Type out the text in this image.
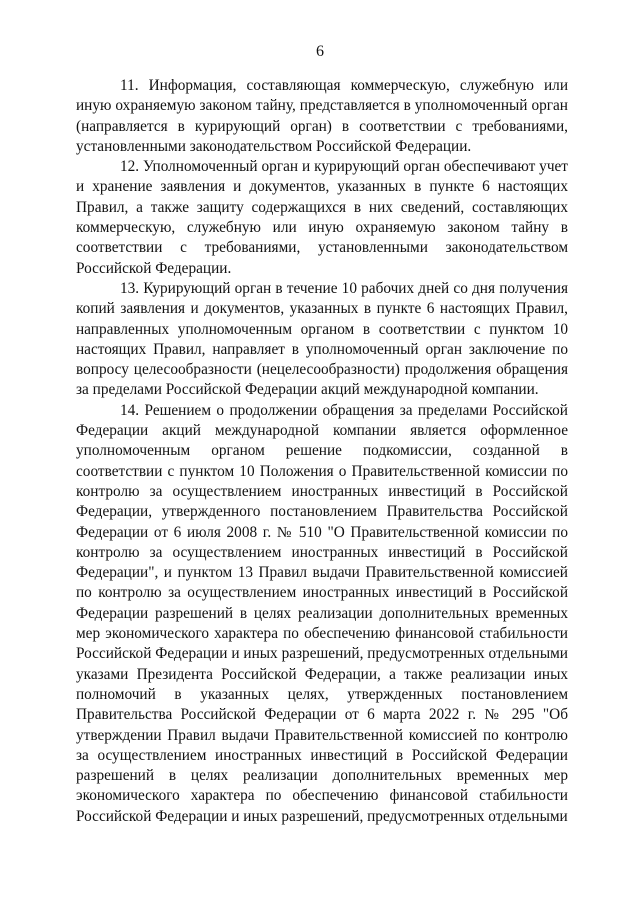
6

11. Информация, составляющая коммерческую, служебную или иную охраняемую законом тайну, представляется в уполномоченный орган (направляется в курирующий орган) в соответствии с требованиями, установленными законодательством Российской Федерации.

12. Уполномоченный орган и курирующий орган обеспечивают учет и хранение заявления и документов, указанных в пункте 6 настоящих Правил, а также защиту содержащихся в них сведений, составляющих коммерческую, служебную или иную охраняемую законом тайну в соответствии с требованиями, установленными законодательством Российской Федерации.

13. Курирующий орган в течение 10 рабочих дней со дня получения копий заявления и документов, указанных в пункте 6 настоящих Правил, направленных уполномоченным органом в соответствии с пунктом 10 настоящих Правил, направляет в уполномоченный орган заключение по вопросу целесообразности (нецелесообразности) продолжения обращения за пределами Российской Федерации акций международной компании.

14. Решением о продолжении обращения за пределами Российской Федерации акций международной компании является оформленное уполномоченным органом решение подкомиссии, созданной в соответствии с пунктом 10 Положения о Правительственной комиссии по контролю за осуществлением иностранных инвестиций в Российской Федерации, утвержденного постановлением Правительства Российской Федерации от 6 июля 2008 г. № 510 "О Правительственной комиссии по контролю за осуществлением иностранных инвестиций в Российской Федерации", и пунктом 13 Правил выдачи Правительственной комиссией по контролю за осуществлением иностранных инвестиций в Российской Федерации разрешений в целях реализации дополнительных временных мер экономического характера по обеспечению финансовой стабильности Российской Федерации и иных разрешений, предусмотренных отдельными указами Президента Российской Федерации, а также реализации иных полномочий в указанных целях, утвержденных постановлением Правительства Российской Федерации от 6 марта 2022 г. № 295 "Об утверждении Правил выдачи Правительственной комиссией по контролю за осуществлением иностранных инвестиций в Российской Федерации разрешений в целях реализации дополнительных временных мер экономического характера по обеспечению финансовой стабильности Российской Федерации и иных разрешений, предусмотренных отдельными
